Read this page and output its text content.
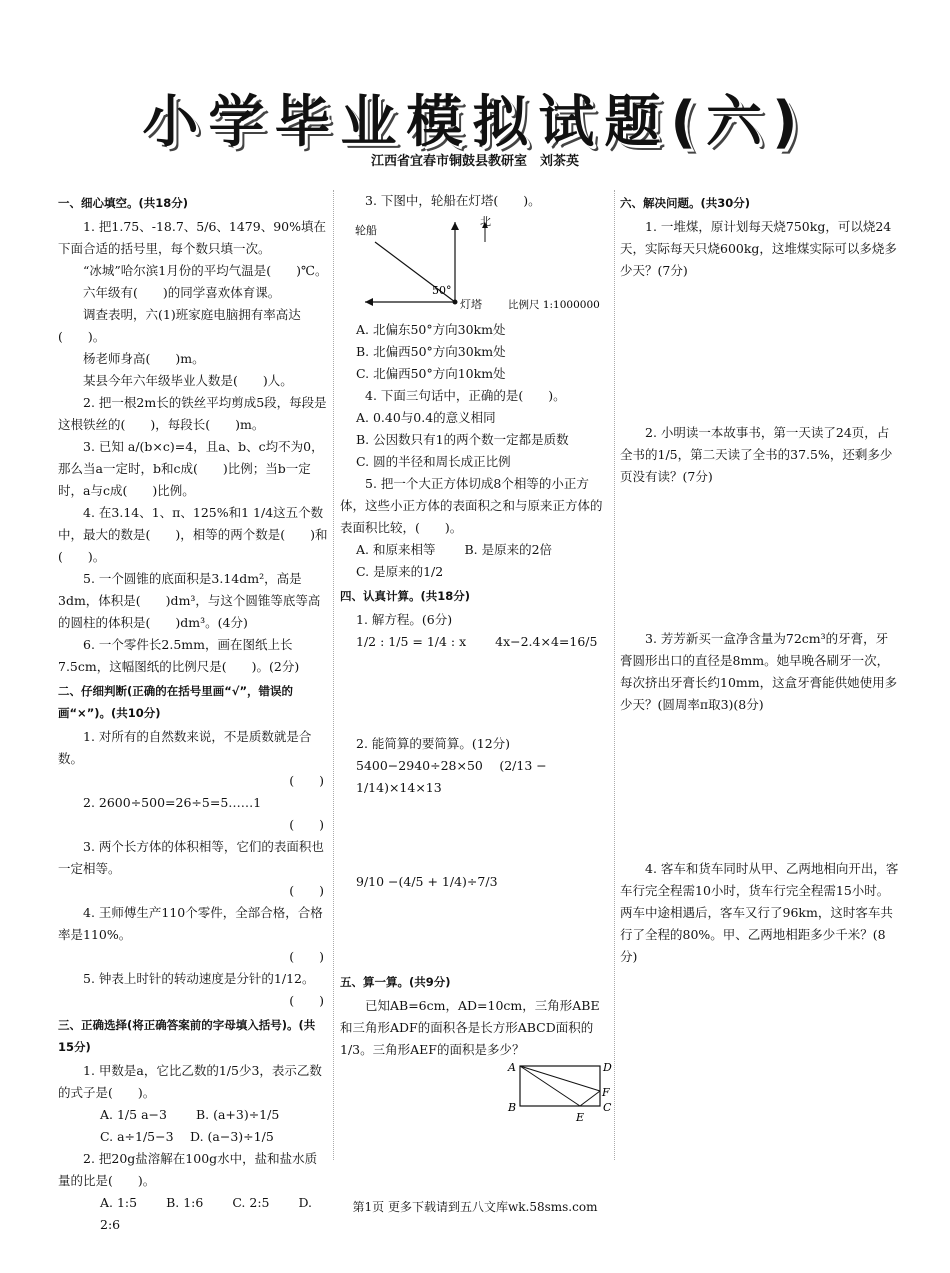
小学毕业模拟试题(六)
江西省宜春市铜鼓县教研室　刘茶英

一、细心填空。(共18分)

1. 把1.75、-18.7、5/6、1479、90%填在下面合适的括号里，每个数只填一次。

“冰城”哈尔滨1月份的平均气温是(　　)℃。

六年级有(　　)的同学喜欢体育课。

调查表明，六(1)班家庭电脑拥有率高达(　　)。

杨老师身高(　　)m。

某县今年六年级毕业人数是(　　)人。

2. 把一根2m长的铁丝平均剪成5段，每段是这根铁丝的(　　)，每段长(　　)m。

3. 已知 a/(b×c)=4，且a、b、c均不为0，那么当a一定时，b和c成(　　)比例；当b一定时，a与c成(　　)比例。

4. 在3.14、1、π、125%和1 1/4这五个数中，最大的数是(　　)，相等的两个数是(　　)和(　　)。

5. 一个圆锥的底面积是3.14dm²，高是3dm，体积是(　　)dm³，与这个圆锥等底等高的圆柱的体积是(　　)dm³。(4分)

6. 一个零件长2.5mm，画在图纸上长7.5cm，这幅图纸的比例尺是(　　)。(2分)

二、仔细判断(正确的在括号里画“√”，错误的画“×”)。(共10分)

1. 对所有的自然数来说，不是质数就是合数。

(　　)

2. 2600÷500=26÷5=5……1

(　　)

3. 两个长方体的体积相等，它们的表面积也一定相等。

(　　)

4. 王师傅生产110个零件，全部合格，合格率是110%。

(　　)

5. 钟表上时针的转动速度是分针的1/12。

(　　)

三、正确选择(将正确答案前的字母填入括号)。(共15分)

1. 甲数是a，它比乙数的1/5少3，表示乙数的式子是(　　)。

A. 1/5 a−3　　 B. (a+3)÷1/5

C. a÷1/5−3　 D. (a−3)÷1/5

2. 把20g盐溶解在100g水中，盐和盐水质量的比是(　　)。

A. 1:5　　 B. 1:6　　 C. 2:5　　 D. 2:6

3. 下图中，轮船在灯塔(　　)。

轮船
北
50°
灯塔 比例尺 1:1000000

A. 北偏东50°方向30km处

B. 北偏西50°方向30km处

C. 北偏西50°方向10km处

4. 下面三句话中，正确的是(　　)。

A. 0.40与0.4的意义相同

B. 公因数只有1的两个数一定都是质数

C. 圆的半径和周长成正比例

5. 把一个大正方体切成8个相等的小正方体，这些小正方体的表面积之和与原来正方体的表面积比较，(　　)。

A. 和原来相等　　 B. 是原来的2倍

C. 是原来的1/2

四、认真计算。(共18分)

1. 解方程。(6分)

1/2 : 1/5 = 1/4 : x　　 4x−2.4×4=16/5

2. 能简算的要简算。(12分)

5400−2940÷28×50　 (2/13 − 1/14)×14×13

9/10 −(4/5 + 1/4)÷7/3

五、算一算。(共9分)

已知AB=6cm，AD=10cm，三角形ABE和三角形ADF的面积各是长方形ABCD面积的1/3。三角形AEF的面积是多少？

A
B	C
D
E
F

六、解决问题。(共30分)

1. 一堆煤，原计划每天烧750kg，可以烧24天，实际每天只烧600kg，这堆煤实际可以多烧多少天？(7分)

2. 小明读一本故事书，第一天读了24页，占全书的1/5，第二天读了全书的37.5%，还剩多少页没有读？(7分)

3. 芳芳新买一盒净含量为72cm³的牙膏，牙膏圆形出口的直径是8mm。她早晚各刷牙一次，每次挤出牙膏长约10mm，这盒牙膏能供她使用多少天？(圆周率π取3)(8分)

4. 客车和货车同时从甲、乙两地相向开出，客车行完全程需10小时，货车行完全程需15小时。两车中途相遇后，客车又行了96km，这时客车共行了全程的80%。甲、乙两地相距多少千米？(8分)

第1页 更多下载请到五八文库wk.58sms.com
